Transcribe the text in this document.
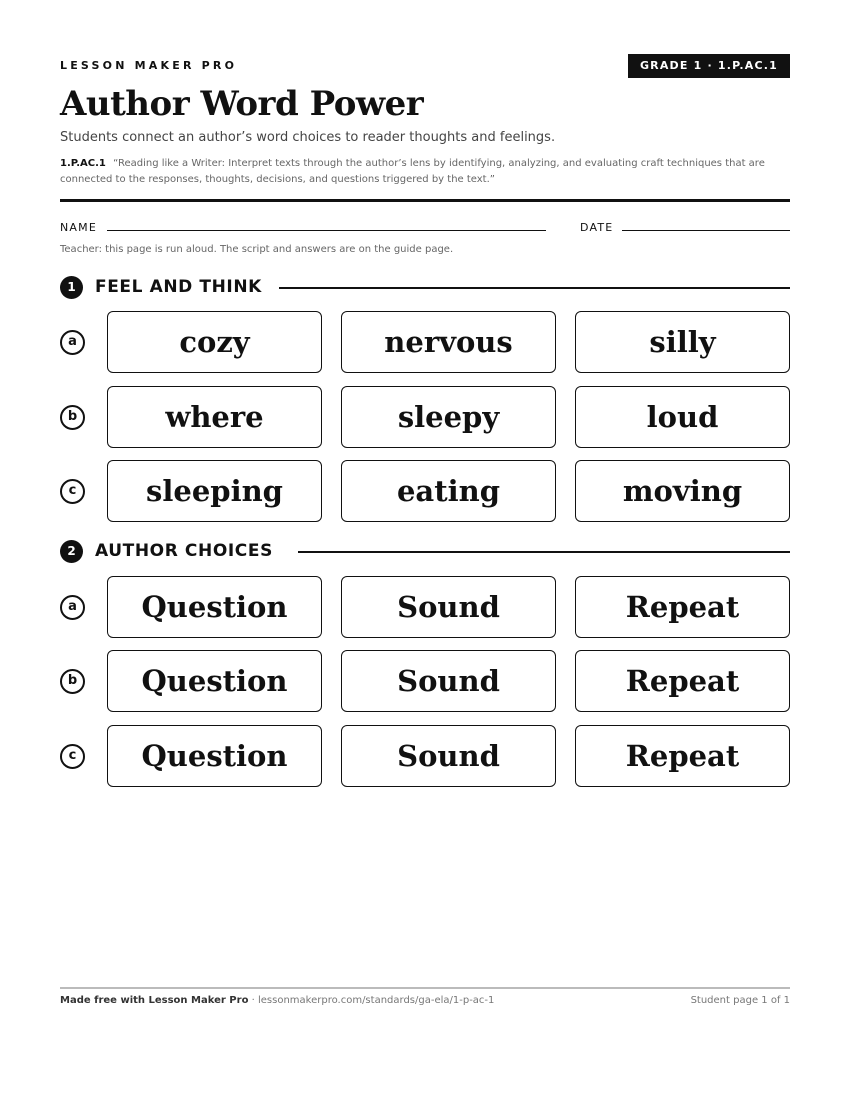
LESSON MAKER PRO	GRADE 1 · 1.P.AC.1
Author Word Power
Students connect an author’s word choices to reader thoughts and feelings.
1.P.AC.1 “Reading like a Writer: Interpret texts through the author’s lens by identifying, analyzing, and evaluating craft techniques that are connected to the responses, thoughts, decisions, and questions triggered by the text.”
NAME	DATE
Teacher: this page is run aloud. The script and answers are on the guide page.
1	FEEL AND THINK
a	cozy	nervous	silly
b	where	sleepy	loud
c sleeping	eating	moving
2	AUTHOR CHOICES
a Question	Sound	Repeat
b Question	Sound	Repeat
c Question	Sound	Repeat
Made free with Lesson Maker Pro · lessonmakerpro.com/standards/ga-ela/1-p-ac-1	Student page 1 of 1
